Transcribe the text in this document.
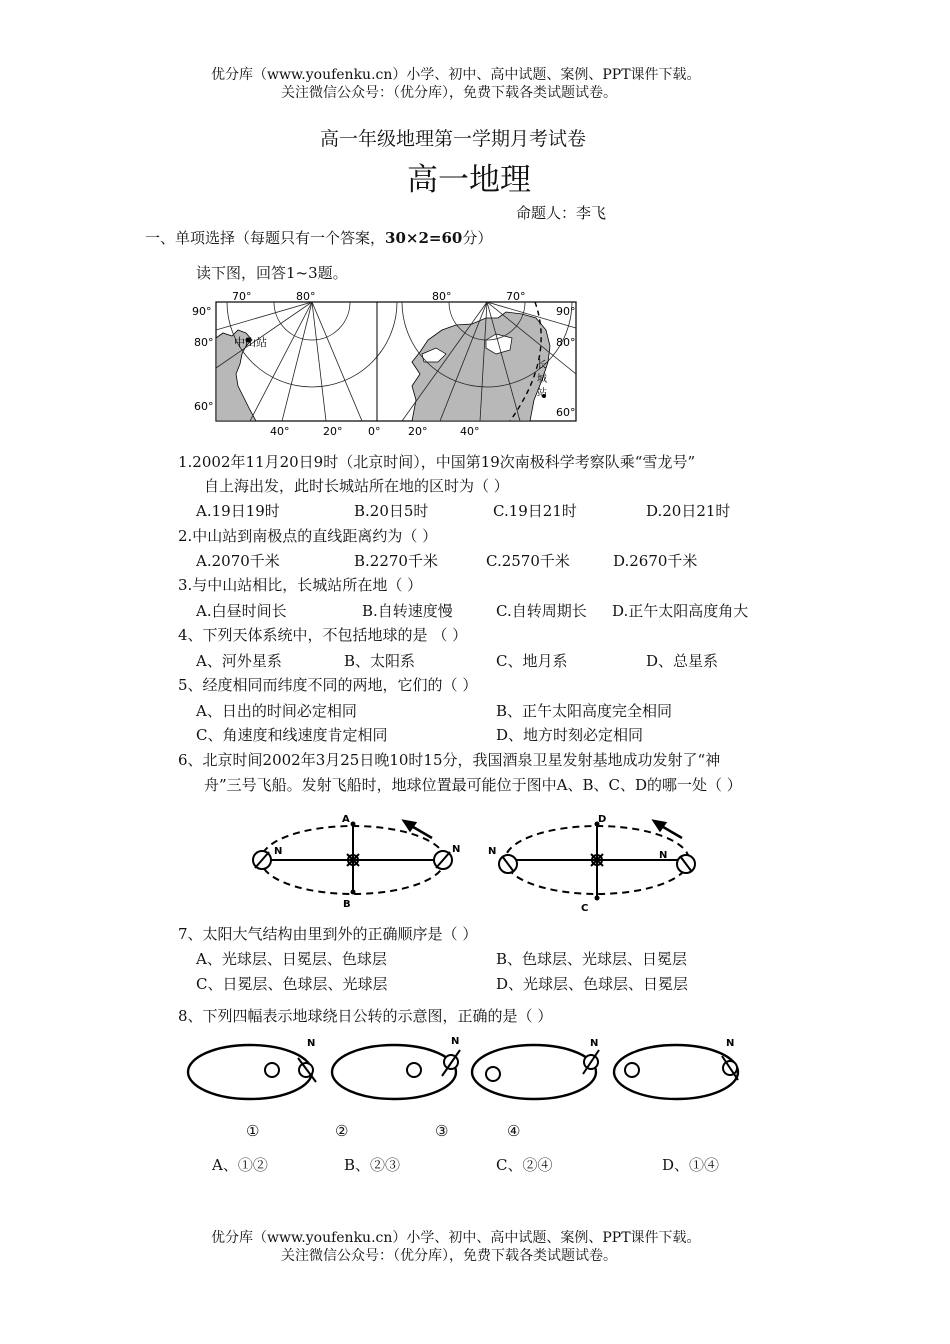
优分库（www.youfenku.cn）小学、初中、高中试题、案例、PPT课件下载。
关注微信公众号：（优分库），免费下载各类试题试卷。
高一年级地理第一学期月考试卷
高一地理
命题人：李飞
一、单项选择（每题只有一个答案，30×2=60分）
读下图，回答1~3题。
中山站
长
城
站
90°
80°
60°
90°
80°
60°
70°	80°	80°	70°
40°	20° 0°	20°	40°
1.2002年11月20日9时（北京时间），中国第19次南极科学考察队乘“雪龙号”
自上海出发，此时长城站所在地的区时为（ ）
A.19日19时	B.20日5时	C.19日21时	D.20日21时
2.中山站到南极点的直线距离约为（ ）
A.2070千米	B.2270千米	C.2570千米	D.2670千米
3.与中山站相比，长城站所在地（ ）
A.白昼时间长	B.自转速度慢	C.自转周期长 D.正午太阳高度角大
4、下列天体系统中，不包括地球的是 （ ）
A、河外星系	B、太阳系	C、地月系	D、总星系
5、经度相同而纬度不同的两地，它们的（ ）
A、日出的时间必定相同	B、正午太阳高度完全相同
C、角速度和线速度肯定相同	D、地方时刻必定相同
6、北京时间2002年3月25日晚10时15分，我国酒泉卫星发射基地成功发射了“神
舟”三号飞船。发射飞船时，地球位置最可能位于图中A、B、C、D的哪一处（ ）
A
B
D
C
N	N	N	N
7、太阳大气结构由里到外的正确顺序是（ ）
A、光球层、日冕层、色球层	B、色球层、光球层、日冕层
C、日冕层、色球层、光球层	D、光球层、色球层、日冕层
8、下列四幅表示地球绕日公转的示意图，正确的是（ ）
N	N	N	N
①	②	③	④
A、①②	B、②③	C、②④	D、①④
优分库（www.youfenku.cn）小学、初中、高中试题、案例、PPT课件下载。
关注微信公众号：（优分库），免费下载各类试题试卷。
